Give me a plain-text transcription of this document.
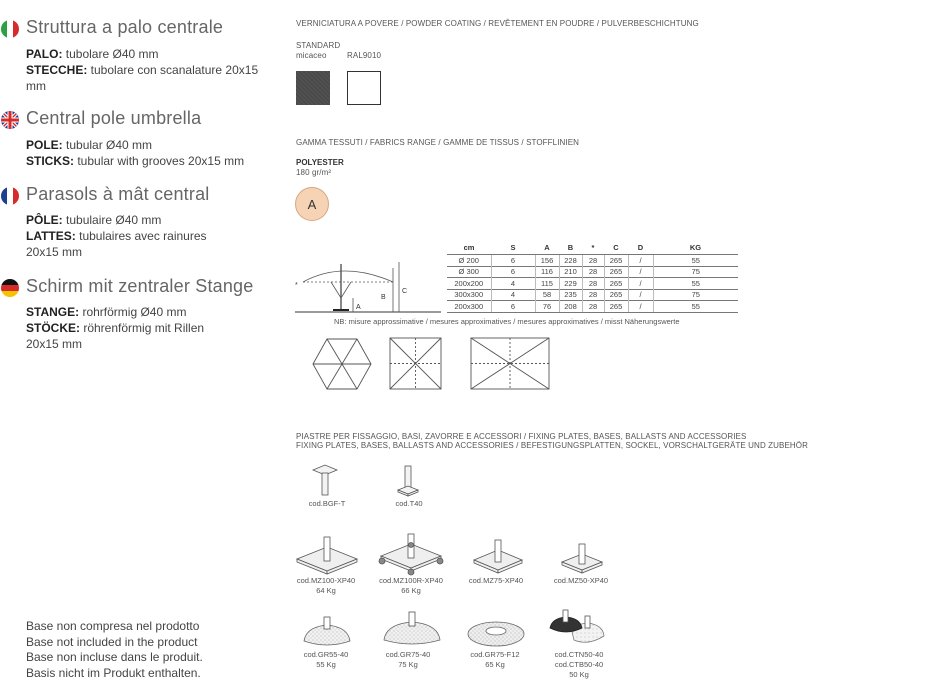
Struttura a palo centrale
PALO: tubolare Ø40 mm
STECCHE: tubolare con scanalature 20x15 mm
Central pole umbrella
POLE: tubular Ø40 mm
STICKS: tubular with grooves 20x15 mm
Parasols à mât central
PÔLE: tubulaire Ø40 mm
LATTES: tubulaires avec rainures 20x15 mm
Schirm mit zentraler Stange
STANGE: rohrförmig Ø40 mm
STÖCKE: röhrenförmig mit Rillen 20x15 mm
Base non compresa nel prodotto
Base not included in the product
Base non incluse dans le produit.
Basis nicht im Produkt enthalten.
VERNICIATURA A POVERE / POWDER COATING / REVÊTEMENT EN POUDRE / PULVERBESCHICHTUNG
STANDARD
micaceo	RAL9010
GAMMA TESSUTI / FABRICS RANGE / GAMME DE TISSUS / STOFFLINIEN
POLYESTER
180 gr/m²
A
*
A
B
C
cm	S	A	B	*	C	D	KG
Ø 200	6	156	228	28	265	/	55
Ø 300	6	116	210	28	265	/	75
200x200	4	115	229	28	265	/	55
300x300	4	58	235	28	265	/	75
200x300	6	76	208	28	265	/	55
NB: misure approssimative / mesures approximatives / mesures approximatives / misst Näherungswerte
PIASTRE PER FISSAGGIO, BASI, ZAVORRE E ACCESSORI / FIXING PLATES, BASES, BALLASTS AND ACCESSORIES
FIXING PLATES, BASES, BALLASTS AND ACCESSORIES / BEFESTIGUNGSPLATTEN, SOCKEL, VORSCHALTGERÄTE UND ZUBEHÖR
cod.BGF-T	cod.T40
cod.MZ100-XP40
64 Kg
cod.MZ100R-XP40
66 Kg
cod.MZ75-XP40	cod.MZ50-XP40
cod.GR55-40
55 Kg
cod.GR75-40
75 Kg
cod.GR75-F12
65 Kg
cod.CTN50-40
cod.CTB50-40
50 Kg
